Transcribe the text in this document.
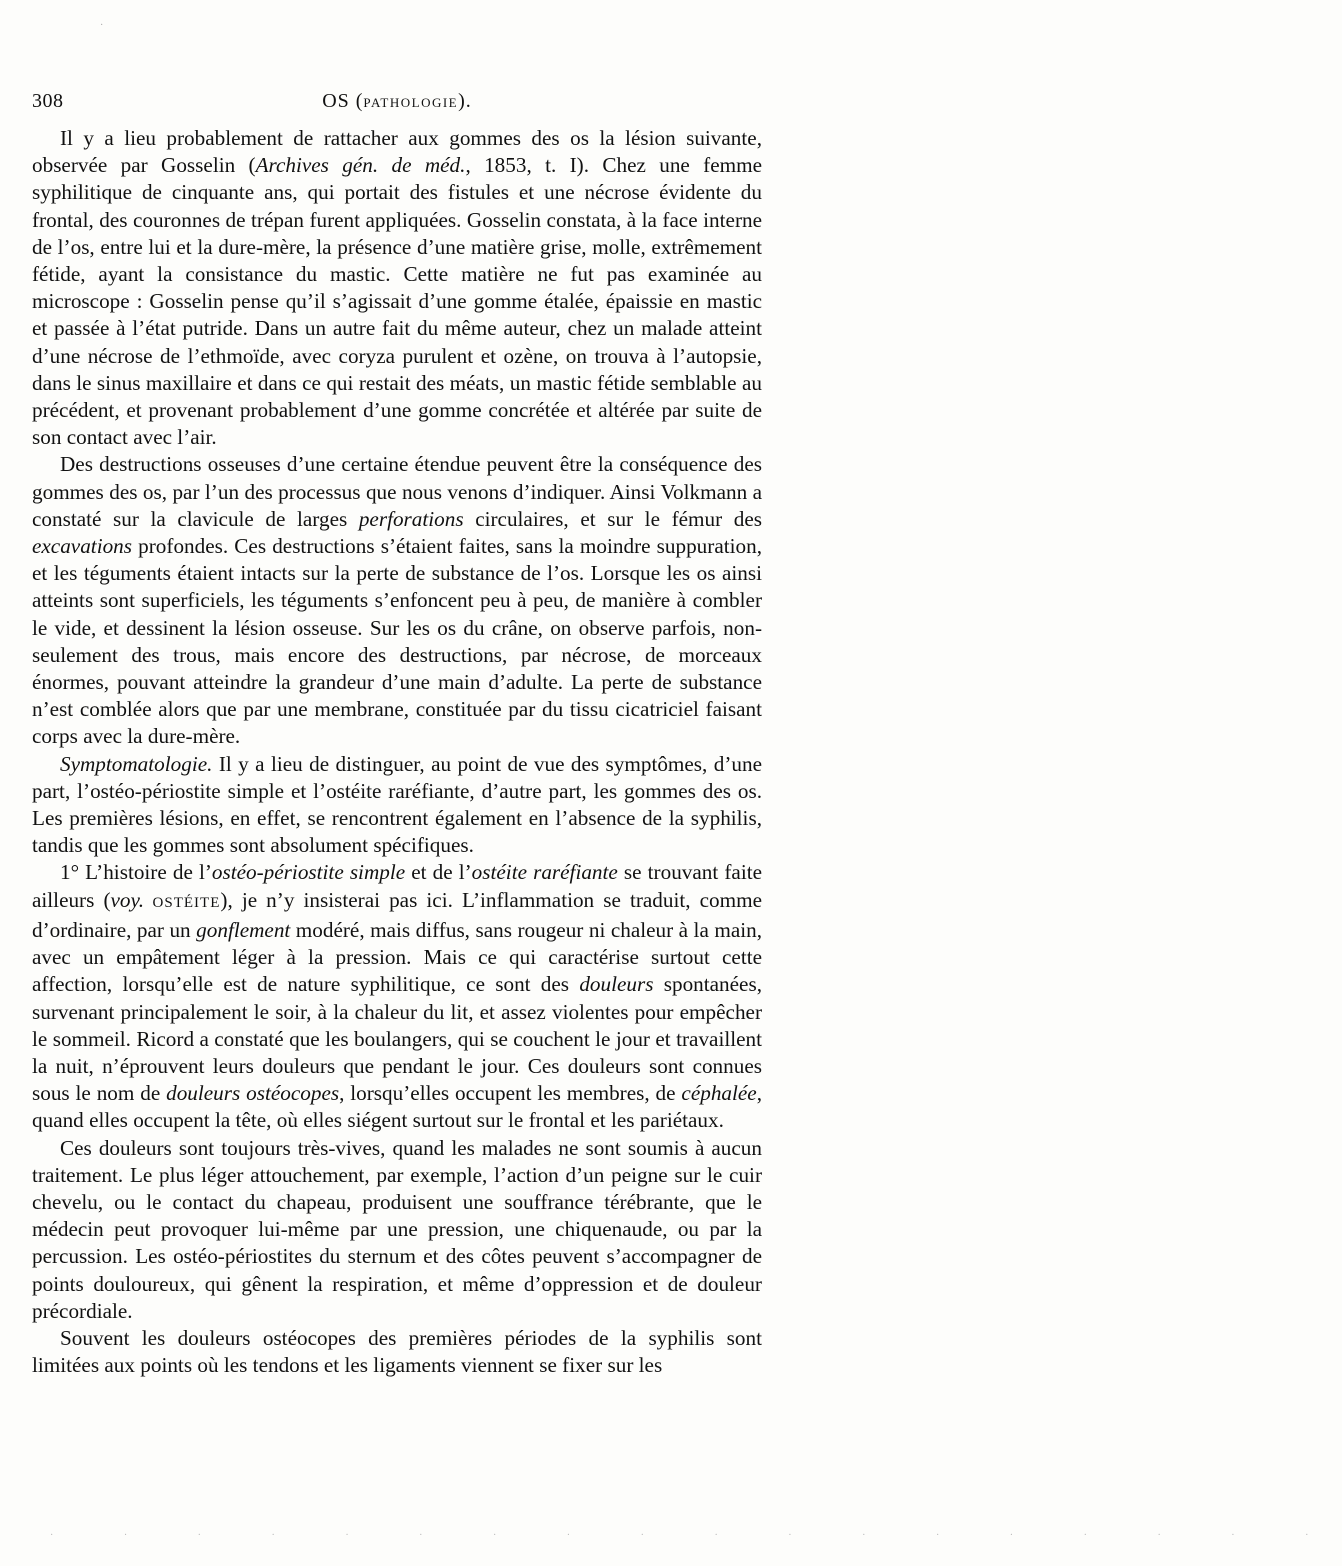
·
308	OS (PATHOLOGIE).

Il y a lieu probablement de rattacher aux gommes des os la lésion suivante, observée par Gosselin (Archives gén. de méd., 1853, t. I). Chez une femme syphilitique de cinquante ans, qui portait des fistules et une nécrose évidente du frontal, des couronnes de trépan furent appliquées. Gosselin constata, à la face interne de l’os, entre lui et la dure-mère, la présence d’une matière grise, molle, extrêmement fétide, ayant la consistance du mastic. Cette matière ne fut pas examinée au microscope : Gosselin pense qu’il s’agissait d’une gomme étalée, épaissie en mastic et passée à l’état putride. Dans un autre fait du même auteur, chez un malade atteint d’une nécrose de l’ethmoïde, avec coryza purulent et ozène, on trouva à l’autopsie, dans le sinus maxillaire et dans ce qui restait des méats, un mastic fétide semblable au précédent, et provenant probablement d’une gomme concrétée et altérée par suite de son contact avec l’air.

Des destructions osseuses d’une certaine étendue peuvent être la conséquence des gommes des os, par l’un des processus que nous venons d’indiquer. Ainsi Volkmann a constaté sur la clavicule de larges perforations circulaires, et sur le fémur des excavations profondes. Ces destructions s’étaient faites, sans la moindre suppuration, et les téguments étaient intacts sur la perte de substance de l’os. Lorsque les os ainsi atteints sont superficiels, les téguments s’enfoncent peu à peu, de manière à combler le vide, et dessinent la lésion osseuse. Sur les os du crâne, on observe parfois, non-seulement des trous, mais encore des destructions, par nécrose, de morceaux énormes, pouvant atteindre la grandeur d’une main d’adulte. La perte de substance n’est comblée alors que par une membrane, constituée par du tissu cicatriciel faisant corps avec la dure-mère.

Symptomatologie. Il y a lieu de distinguer, au point de vue des symptômes, d’une part, l’ostéo-périostite simple et l’ostéite raréfiante, d’autre part, les gommes des os. Les premières lésions, en effet, se rencontrent également en l’absence de la syphilis, tandis que les gommes sont absolument spécifiques.

1° L’histoire de l’ostéo-périostite simple et de l’ostéite raréfiante se trouvant faite ailleurs (voy. OSTÉITE), je n’y insisterai pas ici. L’inflammation se traduit, comme d’ordinaire, par un gonflement modéré, mais diffus, sans rougeur ni chaleur à la main, avec un empâtement léger à la pression. Mais ce qui caractérise surtout cette affection, lorsqu’elle est de nature syphilitique, ce sont des douleurs spontanées, survenant principalement le soir, à la chaleur du lit, et assez violentes pour empêcher le sommeil. Ricord a constaté que les boulangers, qui se couchent le jour et travaillent la nuit, n’éprouvent leurs douleurs que pendant le jour. Ces douleurs sont connues sous le nom de douleurs ostéocopes, lorsqu’elles occupent les membres, de céphalée, quand elles occupent la tête, où elles siégent surtout sur le frontal et les pariétaux.

Ces douleurs sont toujours très-vives, quand les malades ne sont soumis à aucun traitement. Le plus léger attouchement, par exemple, l’action d’un peigne sur le cuir chevelu, ou le contact du chapeau, produisent une souffrance térébrante, que le médecin peut provoquer lui-même par une pression, une chiquenaude, ou par la percussion. Les ostéo-périostites du sternum et des côtes peuvent s’accompagner de points douloureux, qui gênent la respiration, et même d’oppression et de douleur précordiale.

Souvent les douleurs ostéocopes des premières périodes de la syphilis sont limitées aux points où les tendons et les ligaments viennent se fixer sur les

· · · · · · · · · · · · · · · · · ·
